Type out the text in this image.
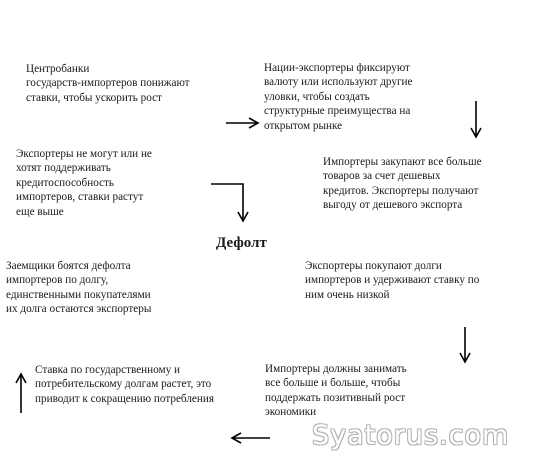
Центробанки
государств-импортеров понижают
ставки, чтобы ускорить рост

Нации-экспортеры фиксируют
валюту или используют другие
уловки, чтобы создать
структурные преимущества на
открытом рынке

Импортеры закупают все больше
товаров за счет дешевых
кредитов. Экспортеры получают
выгоду от дешевого экспорта

Экспортеры покупают долги
импортеров и удерживают ставку по
ним очень низкой

Импортеры должны занимать
все больше и больше, чтобы
поддержать позитивный рост
экономики

Ставка по государственному и
потребительскому долгам растет, это
приводит к сокращению потребления

Заемщики боятся дефолта
импортеров по долгу,
единственными покупателями
их долга остаются экспортеры

Экспортеры не могут или не
хотят поддерживать
кредитоспособность
импортеров, ставки растут
еще выше

Дефолт

Syatorus.com
